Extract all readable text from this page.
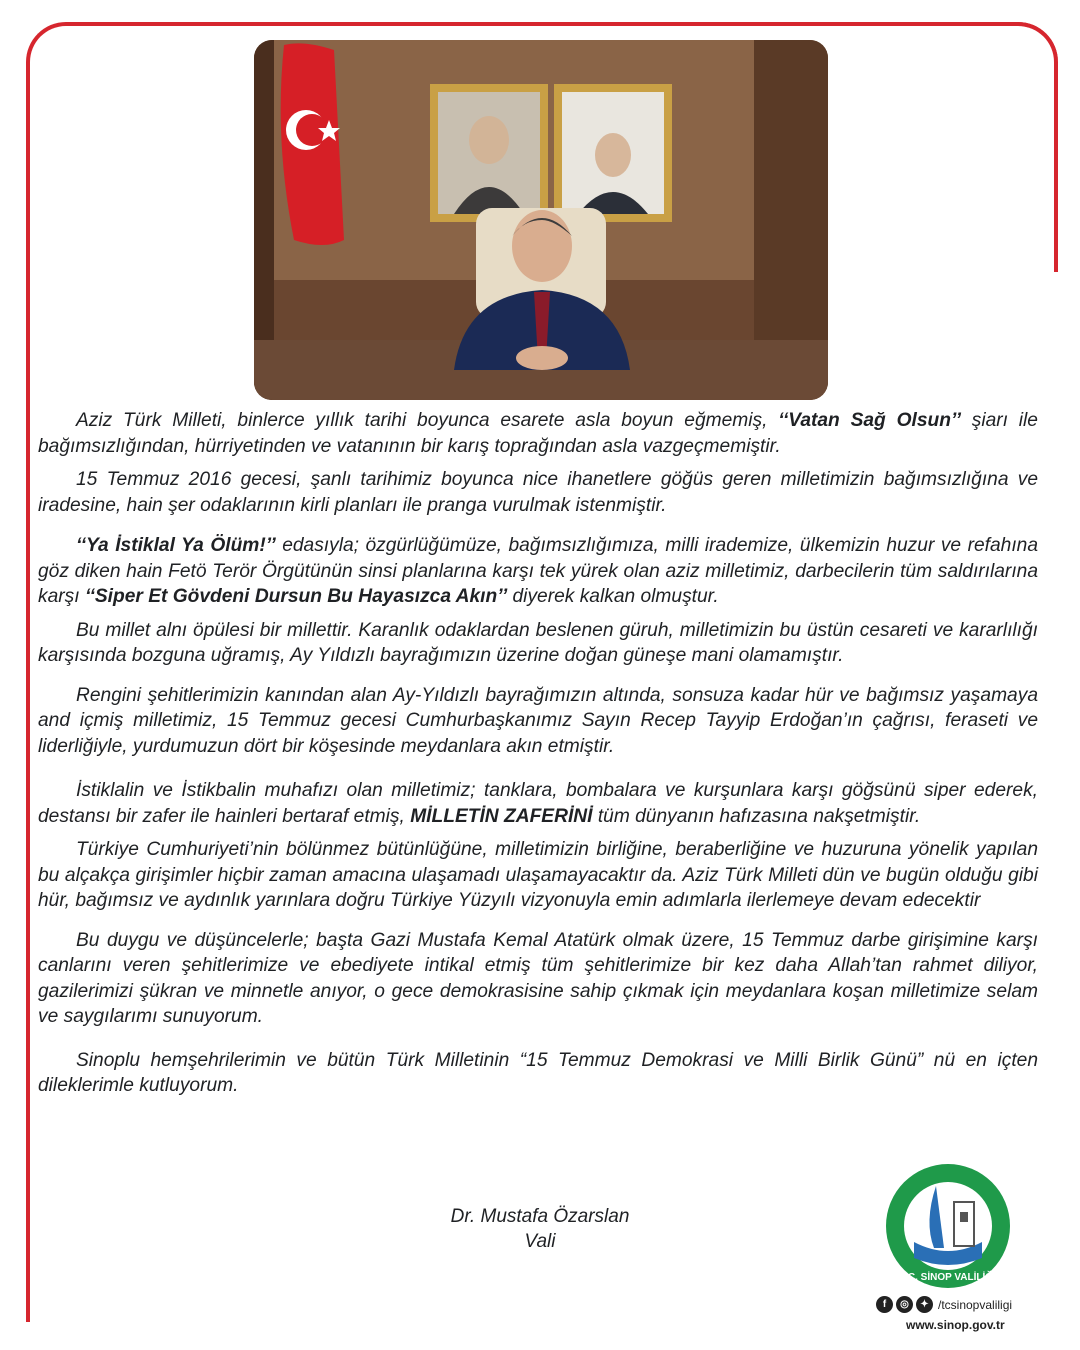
Aziz Türk Milleti, binlerce yıllık tarihi boyunca esarete asla boyun eğmemiş, ‘‘Vatan Sağ Olsun’’ şiarı ile bağımsızlığından, hürriyetinden ve vatanının bir karış toprağından asla vazgeçmemiştir.

15 Temmuz 2016 gecesi, şanlı tarihimiz boyunca nice ihanetlere göğüs geren milletimizin bağımsızlığına ve iradesine, hain şer odaklarının kirli planları ile pranga vurulmak istenmiştir.

‘‘Ya İstiklal Ya Ölüm!’’ edasıyla; özgürlüğümüze, bağımsızlığımıza, milli irademize, ülkemizin huzur ve refahına göz diken hain Fetö Terör Örgütünün sinsi planlarına karşı tek yürek olan aziz milletimiz, darbecilerin tüm saldırılarına karşı ‘‘Siper Et Gövdeni Dursun Bu Hayasızca Akın’’ diyerek kalkan olmuştur.

Bu millet alnı öpülesi bir millettir. Karanlık odaklardan beslenen güruh, milletimizin bu üstün cesareti ve kararlılığı karşısında bozguna uğramış, Ay Yıldızlı bayrağımızın üzerine doğan güneşe mani olamamıştır.

Rengini şehitlerimizin kanından alan Ay-Yıldızlı bayrağımızın altında, sonsuza kadar hür ve bağımsız yaşamaya and içmiş milletimiz, 15 Temmuz gecesi Cumhurbaşkanımız Sayın Recep Tayyip Erdoğan’ın çağrısı, feraseti ve liderliğiyle, yurdumuzun dört bir köşesinde meydanlara akın etmiştir.

İstiklalin ve İstikbalin muhafızı olan milletimiz; tanklara, bombalara ve kurşunlara karşı göğsünü siper ederek, destansı bir zafer ile hainleri bertaraf etmiş, MİLLETİN ZAFERİNİ tüm dünyanın hafızasına nakşetmiştir.

Türkiye Cumhuriyeti’nin bölünmez bütünlüğüne, milletimizin birliğine, beraberliğine ve huzuruna yönelik yapılan bu alçakça girişimler hiçbir zaman amacına ulaşamadı ulaşamayacaktır da. Aziz Türk Milleti dün ve bugün olduğu gibi hür, bağımsız ve aydınlık yarınlara doğru Türkiye Yüzyılı vizyonuyla emin adımlarla ilerlemeye devam edecektir

Bu duygu ve düşüncelerle; başta Gazi Mustafa Kemal Atatürk olmak üzere, 15 Temmuz darbe girişimine karşı canlarını veren şehitlerimize ve ebediyete intikal etmiş tüm şehitlerimize bir kez daha Allah’tan rahmet diliyor, gazilerimizi şükran ve minnetle anıyor, o gece demokrasisine sahip çıkmak için meydanlara koşan milletimize selam ve saygılarımı sunuyorum.

Sinoplu hemşehrilerimin ve bütün Türk Milletinin “15 Temmuz Demokrasi ve Milli Birlik Günü” nü en içten dileklerimle kutluyorum.

Dr. Mustafa Özarslan
Vali
T.C. SİNOP VALİLİĞİ
f	◎	✦ /tcsinopvaliligi
www.sinop.gov.tr
